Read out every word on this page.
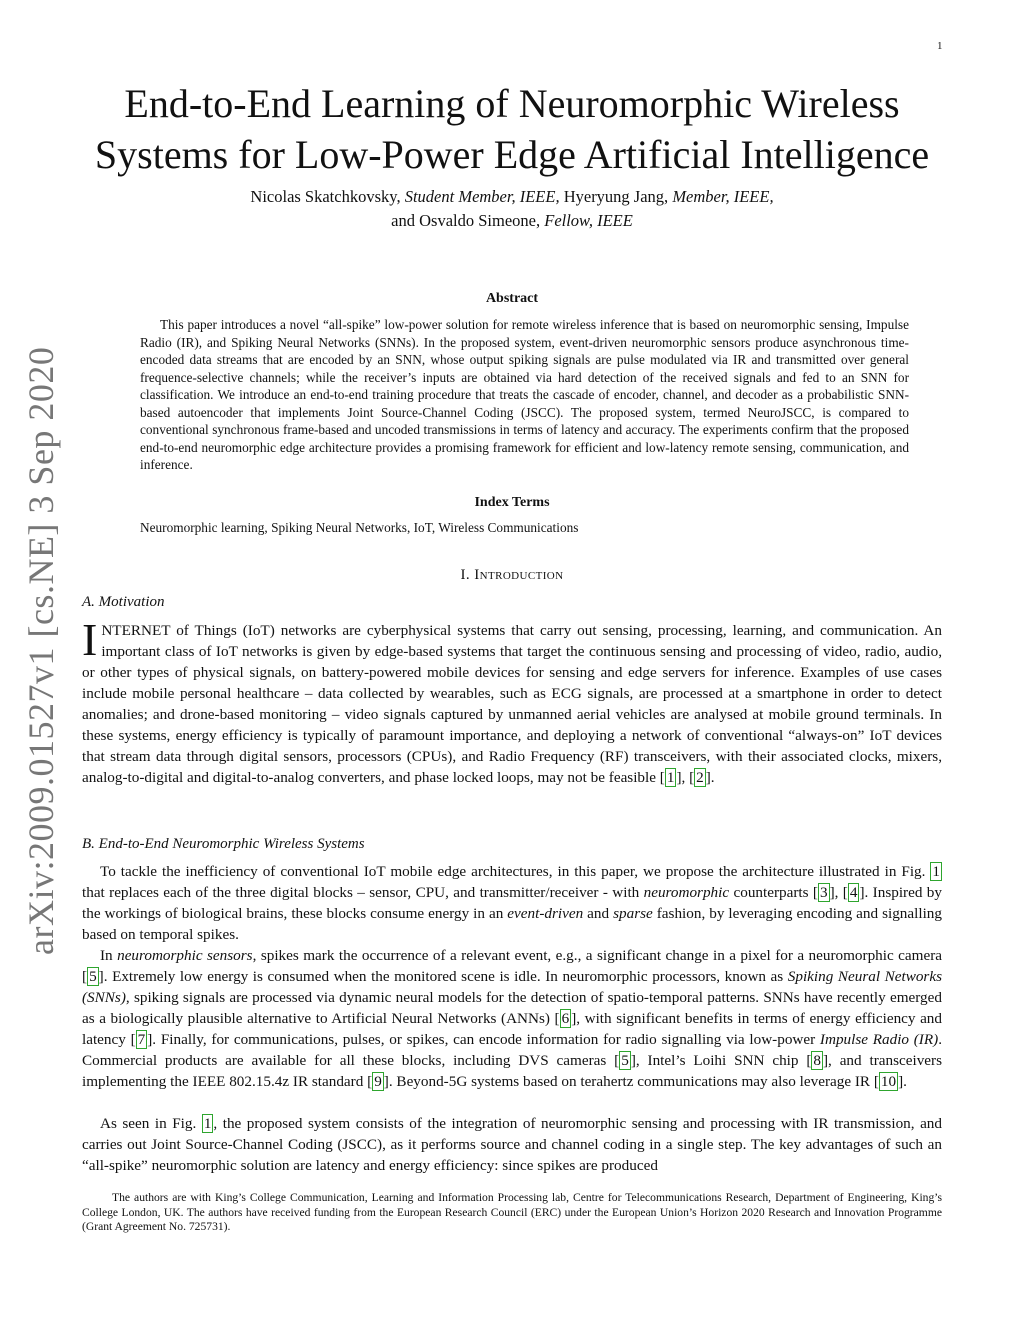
1
arXiv:2009.01527v1 [cs.NE] 3 Sep 2020
End-to-End Learning of Neuromorphic Wireless
Systems for Low-Power Edge Artificial Intelligence
Nicolas Skatchkovsky, Student Member, IEEE, Hyeryung Jang, Member, IEEE,
and Osvaldo Simeone, Fellow, IEEE
Abstract
This paper introduces a novel “all-spike” low-power solution for remote wireless inference that is based on neuromorphic sensing, Impulse Radio (IR), and Spiking Neural Networks (SNNs). In the proposed system, event-driven neuromorphic sensors produce asynchronous time-encoded data streams that are encoded by an SNN, whose output spiking signals are pulse modulated via IR and transmitted over general frequence-selective channels; while the receiver’s inputs are obtained via hard detection of the received signals and fed to an SNN for classification. We introduce an end-to-end training procedure that treats the cascade of encoder, channel, and decoder as a probabilistic SNN-based autoencoder that implements Joint Source-Channel Coding (JSCC). The proposed system, termed NeuroJSCC, is compared to conventional synchronous frame-based and uncoded transmissions in terms of latency and accuracy. The experiments confirm that the proposed end-to-end neuromorphic edge architecture provides a promising framework for efficient and low-latency remote sensing, communication, and inference.
Index Terms
Neuromorphic learning, Spiking Neural Networks, IoT, Wireless Communications
I. Introduction
A. Motivation
INTERNET of Things (IoT) networks are cyberphysical systems that carry out sensing, processing, learning, and communication. An important class of IoT networks is given by edge-based systems that target the continuous sensing and processing of video, radio, audio, or other types of physical signals, on battery-powered mobile devices for sensing and edge servers for inference. Examples of use cases include mobile personal healthcare – data collected by wearables, such as ECG signals, are processed at a smartphone in order to detect anomalies; and drone-based monitoring – video signals captured by unmanned aerial vehicles are analysed at mobile ground terminals. In these systems, energy efficiency is typically of paramount importance, and deploying a network of conventional “always-on” IoT devices that stream data through digital sensors, processors (CPUs), and Radio Frequency (RF) transceivers, with their associated clocks, mixers, analog-to-digital and digital-to-analog converters, and phase locked loops, may not be feasible [ 1 ], [ 2 ].
B. End-to-End Neuromorphic Wireless Systems
To tackle the inefficiency of conventional IoT mobile edge architectures, in this paper, we propose the architecture illustrated in Fig. 1 that replaces each of the three digital blocks – sensor, CPU, and transmitter/receiver - with neuromorphic counterparts [ 3 ], [ 4 ]. Inspired by the workings of biological brains, these blocks consume energy in an event-driven and sparse fashion, by leveraging encoding and signalling based on temporal spikes.
In neuromorphic sensors, spikes mark the occurrence of a relevant event, e.g., a significant change in a pixel for a neuromorphic camera [ 5 ]. Extremely low energy is consumed when the monitored scene is idle. In neuromorphic processors, known as Spiking Neural Networks (SNNs), spiking signals are processed via dynamic neural models for the detection of spatio-temporal patterns. SNNs have recently emerged as a biologically plausible alternative to Artificial Neural Networks (ANNs) [ 6 ], with significant benefits in terms of energy efficiency and latency [ 7 ]. Finally, for communications, pulses, or spikes, can encode information for radio signalling via low-power Impulse Radio (IR). Commercial products are available for all these blocks, including DVS cameras [ 5 ], Intel’s Loihi SNN chip [ 8 ], and transceivers implementing the IEEE 802.15.4z IR standard [ 9 ]. Beyond-5G systems based on terahertz communications may also leverage IR [ 10 ].
As seen in Fig. 1 , the proposed system consists of the integration of neuromorphic sensing and processing with IR transmission, and carries out Joint Source-Channel Coding (JSCC), as it performs source and channel coding in a single step. The key advantages of such an “all-spike” neuromorphic solution are latency and energy efficiency: since spikes are produced
The authors are with King’s College Communication, Learning and Information Processing lab, Centre for Telecommunications Research, Department of Engineering, King’s College London, UK. The authors have received funding from the European Research Council (ERC) under the European Union’s Horizon 2020 Research and Innovation Programme (Grant Agreement No. 725731).
